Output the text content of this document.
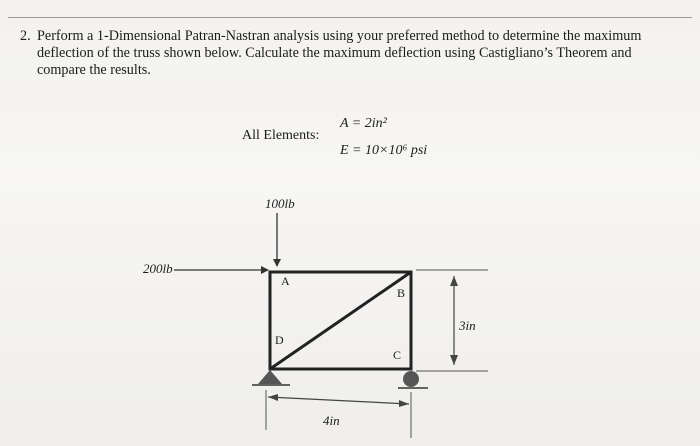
2. Perform a 1-Dimensional Patran-Nastran analysis using your preferred method to determine the maximum
deflection of the truss shown below. Calculate the maximum deflection using Castigliano’s Theorem and
compare the results.
All Elements:
A = 2in²
E = 10×10⁶ psi
100lb
200lb
A
B
C
D
3in
4in
